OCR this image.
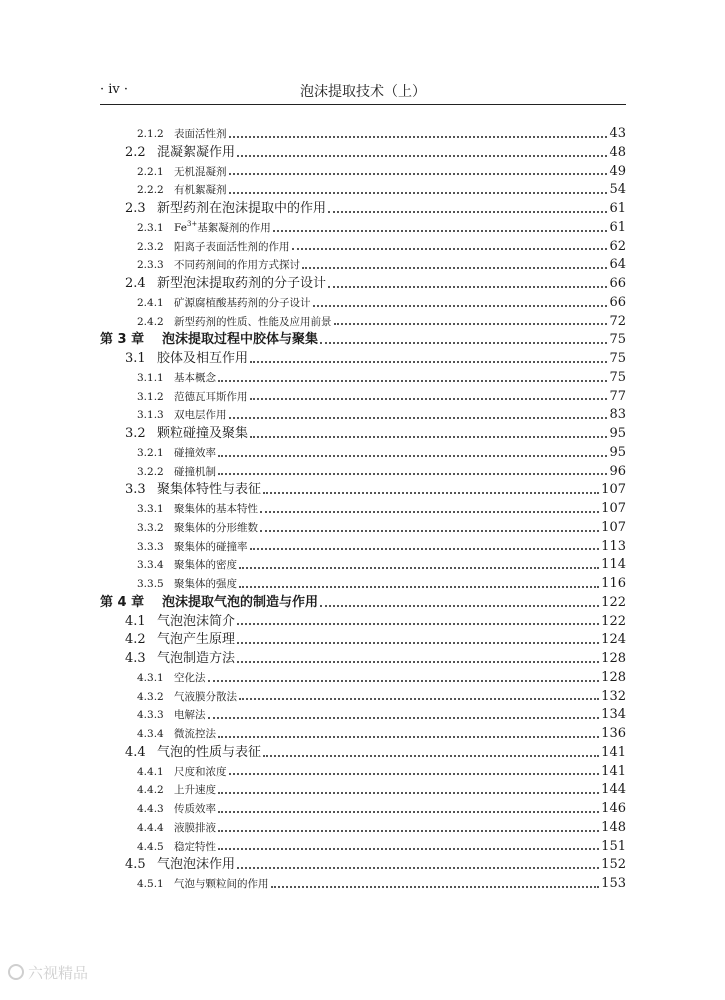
· iv ·	泡沫提取技术（上）
2.1.2 表面活性剂	43
2.2 混凝絮凝作用	48
2.2.1 无机混凝剂	49
2.2.2 有机絮凝剂	54
2.3 新型药剂在泡沫提取中的作用	61
2.3.1 $Fe^{3+}$基絮凝剂的作用	61
2.3.2 阳离子表面活性剂的作用	62
2.3.3 不同药剂间的作用方式探讨	64
2.4 新型泡沫提取药剂的分子设计	66
2.4.1 矿源腐植酸基药剂的分子设计	66
2.4.2 新型药剂的性质、性能及应用前景	72
第 3 章	泡沫提取过程中胶体与聚集	75
3.1 胶体及相互作用	75
3.1.1 基本概念	75
3.1.2 范德瓦耳斯作用	77
3.1.3 双电层作用	83
3.2 颗粒碰撞及聚集	95
3.2.1 碰撞效率	95
3.2.2 碰撞机制	96
3.3 聚集体特性与表征	107
3.3.1 聚集体的基本特性	107
3.3.2 聚集体的分形维数	107
3.3.3 聚集体的碰撞率	113
3.3.4 聚集体的密度	114
3.3.5 聚集体的强度	116
第 4 章	泡沫提取气泡的制造与作用	122
4.1 气泡泡沫简介	122
4.2 气泡产生原理	124
4.3 气泡制造方法	128
4.3.1 空化法	128
4.3.2 气液膜分散法	132
4.3.3 电解法	134
4.3.4 微流控法	136
4.4 气泡的性质与表征	141
4.4.1 尺度和浓度	141
4.4.2 上升速度	144
4.4.3 传质效率	146
4.4.4 液膜排液	148
4.4.5 稳定特性	151
4.5 气泡泡沫作用	152
4.5.1 气泡与颗粒间的作用	153
六视精品
